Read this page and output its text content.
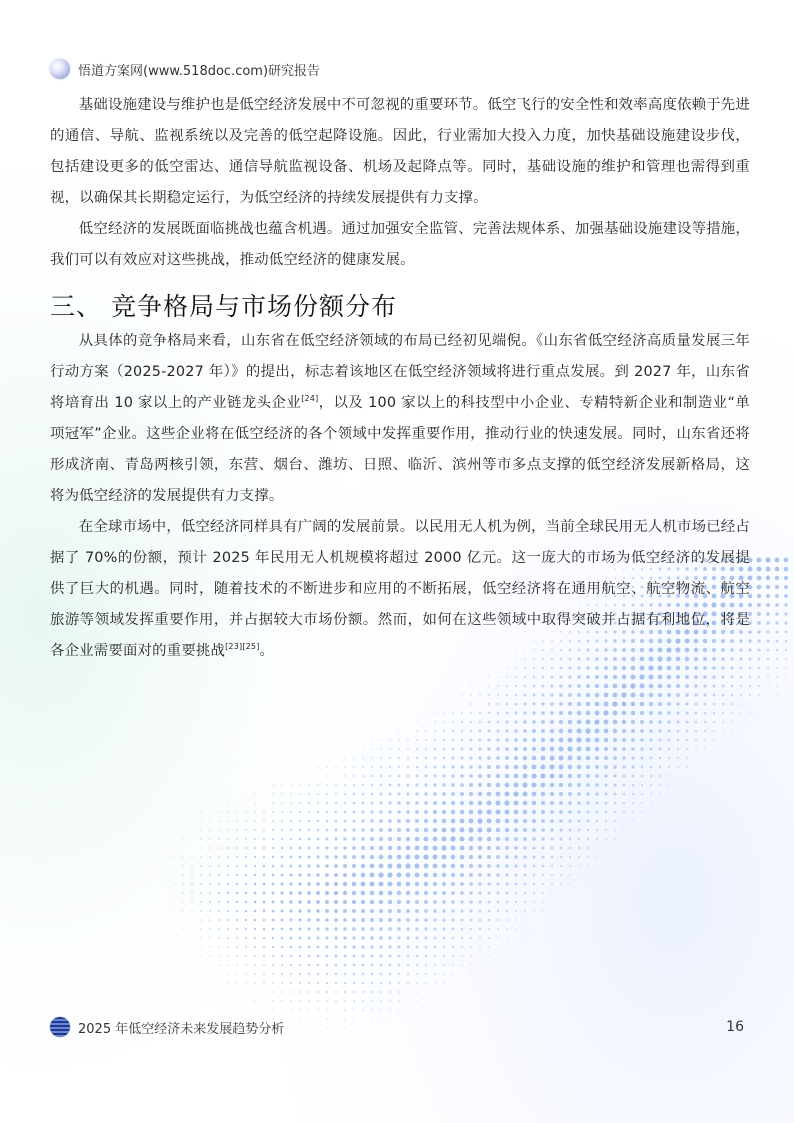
悟道方案网(www.518doc.com)研究报告

基础设施建设与维护也是低空经济发展中不可忽视的重要环节。低空飞行的安全性和效率高度依赖于先进的通信、导航、监视系统以及完善的低空起降设施。因此，行业需加大投入力度，加快基础设施建设步伐，包括建设更多的低空雷达、通信导航监视设备、机场及起降点等。同时，基础设施的维护和管理也需得到重视，以确保其长期稳定运行，为低空经济的持续发展提供有力支撑。

低空经济的发展既面临挑战也蕴含机遇。通过加强安全监管、完善法规体系、加强基础设施建设等措施，我们可以有效应对这些挑战，推动低空经济的健康发展。

三、 竞争格局与市场份额分布

从具体的竞争格局来看，山东省在低空经济领域的布局已经初见端倪。《山东省低空经济高质量发展三年行动方案（2025-2027 年）》的提出，标志着该地区在低空经济领域将进行重点发展。到 2027 年，山东省将培育出 10 家以上的产业链龙头企业[24]，以及 100 家以上的科技型中小企业、专精特新企业和制造业“单项冠军”企业。这些企业将在低空经济的各个领域中发挥重要作用，推动行业的快速发展。同时，山东省还将形成济南、青岛两核引领，东营、烟台、潍坊、日照、临沂、滨州等市多点支撑的低空经济发展新格局，这将为低空经济的发展提供有力支撑。

在全球市场中，低空经济同样具有广阔的发展前景。以民用无人机为例，当前全球民用无人机市场已经占据了 70%的份额，预计 2025 年民用无人机规模将超过 2000 亿元。这一庞大的市场为低空经济的发展提供了巨大的机遇。同时，随着技术的不断进步和应用的不断拓展，低空经济将在通用航空、航空物流、航空旅游等领域发挥重要作用，并占据较大市场份额。然而，如何在这些领域中取得突破并占据有利地位，将是各企业需要面对的重要挑战[23][25]。

2025 年低空经济未来发展趋势分析	16
